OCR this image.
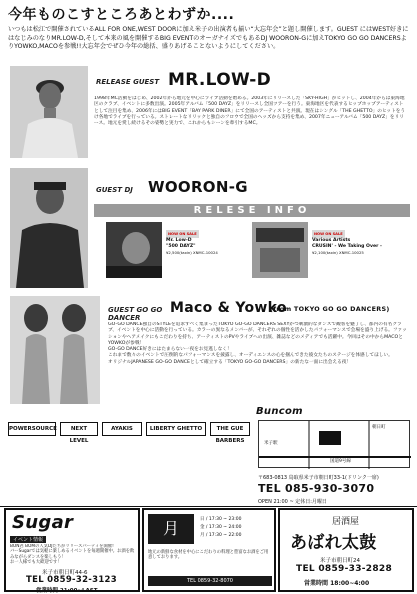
今年ものこすところあとわずか....
いつもは松江で開催されているALL FOR ONE,WEST DOORに加え米子の出演者も揃い“大忘年会”と題し開催します。GUEST にはWEST好きにはなじみのなりMR.LOW-D,そして本来の風を開催するBIG EVENTのオーガナイズでもあるDJ WOORON-Gに加えTOKYO GO GO DANCERSよりYOWKO,MACOを参戦!!大忘年会でぜひ今年の総括、盛りあげることないようにしてください。
RELEASE GUEST MR.LOW-D
1998年MC活動をはじめ、2002年から地元を中心にライブ活動を始める。2003年にリリースした「SKY-HIGH」がヒットし、2004年からは東海地区のクラブ、イベントに多数出演。2005年アルバム「500 DAYZ」をリリースし全国ツアーを行う。東海地区を代表するヒップホップアーティストとして注目を集め、2006年にはBIG EVENT「BAY PARK DINER」にて全国のアーティストと共演。現在はシングル「THE GHETTO」のヒットをうけ各地でライブを行っている。ストレートなリリックと独自のフロウで全国のヘッズから支持を集め、2007年ニューアルバム「500 DAYZ」をリリース。地元を愛し続けるその姿勢と実力で、これからもシーンを牽引するMC。
GUEST DJ WOORON-G
RELESE INFO
NOW ON SALE
Mr. Low-D
"500 DAYZ"
¥2,500(taxin) XNMC-10024
NOW ON SALE
Various Artists
CRUSIN' - We Taking Over -
¥2,100(taxin) XNMC-10025
GUEST GO GO DANCER
Maco & Yowko
(from TOKYO GO GO DANCERS)
GO-GO DANCE独自のSTYLEを追求すべく集まったTOKYO GO-GO DANCERS SEXYかつ刺激的なダンスで観客を魅了し、都内の有名クラブ、イベントを中心に活動を行っている。カラーの異なるメンバーが、それぞれの個性を活かしたパフォーマンスで会場を盛り上げる。ファッションやヘアメイクにもこだわりを持ち、アーティストのPVやライブへの出演、雑誌などのメディアでも活躍中。今回はその中からMACOとYOWKOが参戦！
GO-GO DANCE好きにはたまらない一夜をお見逃しなく！
これまで数々のイベントで圧倒的なパフォーマンスを披露し、オーディエンスの心を掴んできた彼女たちのステージを体感してほしい。
オリジナルJAPANESE GO-GO DANCEとして確立する「TOKYO GO-GO DANCERS」の新たな一面に出会える夜！
POWERSOURCE	NEXT LEVEL
AYAKIS	LIBERTY GHETTO	THE GUE BARBERS
Buncom
米子駅
国道9号線
朝日町
〒683-0813 鳥取県米子市朝日町33-1(ドリンク一席)
TEL 085-930-3070
OPEN 21:00 ~ 定休日:月曜日
Sugar
イベント情報
BON君 BOMの人気DJたちがリリースパーティを開催!
バーSugarでは気軽に楽しめるイベントを毎週開催中。お酒を飲みながらダンスを楽しもう！
お一人様でも大歓迎です！
米子市朝日町44-6
TEL 0859-32-3123
営業時間 21:00~LAST
月	日 / 17:30 ~ 23:00
金 / 17:30 ~ 24:00
月 / 17:30 ~ 22:00
地元の新鮮な食材を中心にこだわりの料理と豊富なお酒をご用意しております。
TEL 0859-32-8070
居酒屋
あばれ太鼓
米子市朝日町24
TEL 0859-33-2828
営業時間 18:00~4:00
